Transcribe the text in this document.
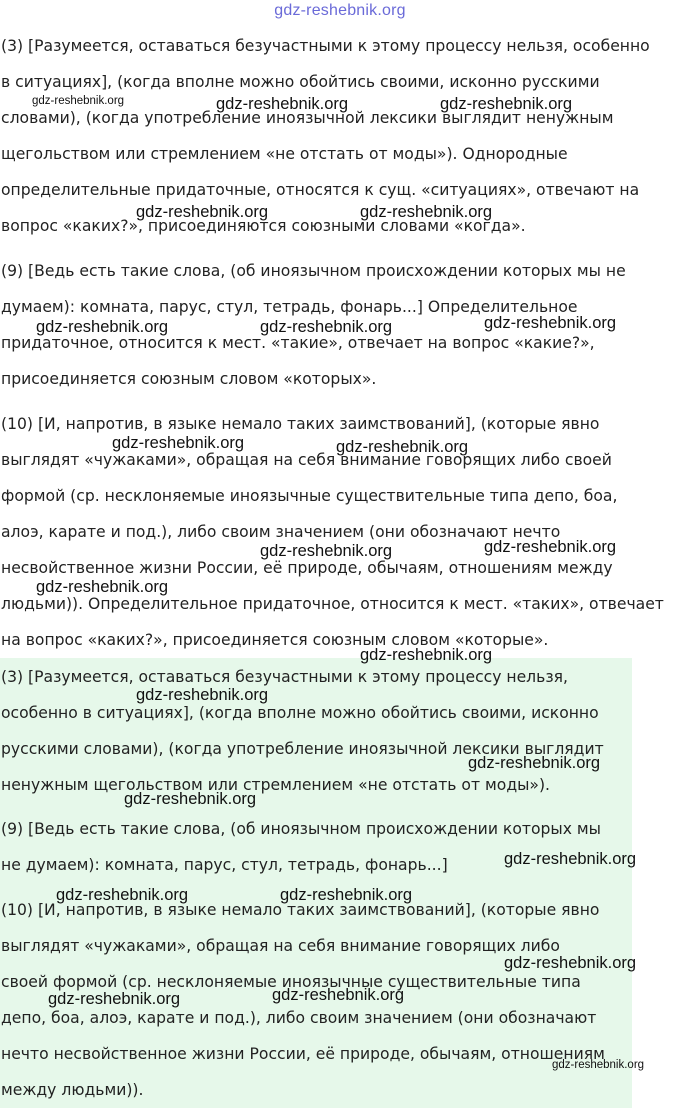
gdz-reshebnik.org
(3) [Разумеется, оставаться безучастными к этому процессу нельзя, особенно
в ситуациях], (когда вполне можно обойтись своими, исконно русскими
словами), (когда употребление иноязычной лексики выглядит ненужным
щегольством или стремлением «не отстать от моды»). Однородные
определительные придаточные, относятся к сущ. «ситуациях», отвечают на
вопрос «каких?», присоединяются союзными словами «когда».
(9) [Ведь есть такие слова, (об иноязычном происхождении которых мы не
думаем): комната, парус, стул, тетрадь, фонарь...] Определительное
придаточное, относится к мест. «такие», отвечает на вопрос «какие?»,
присоединяется союзным словом «которых».
(10) [И, напротив, в языке немало таких заимствований], (которые явно
выглядят «чужаками», обращая на себя внимание говорящих либо своей
формой (ср. несклоняемые иноязычные существительные типа депо, боа,
алоэ, карате и под.), либо своим значением (они обозначают нечто
несвойственное жизни России, её природе, обычаям, отношениям между
людьми)). Определительное придаточное, относится к мест. «таких», отвечает
на вопрос «каких?», присоединяется союзным словом «которые».
(3) [Разумеется, оставаться безучастными к этому процессу нельзя,
особенно в ситуациях], (когда вполне можно обойтись своими, исконно
русскими словами), (когда употребление иноязычной лексики выглядит
ненужным щегольством или стремлением «не отстать от моды»).
(9) [Ведь есть такие слова, (об иноязычном происхождении которых мы
не думаем): комната, парус, стул, тетрадь, фонарь...]
(10) [И, напротив, в языке немало таких заимствований], (которые явно
выглядят «чужаками», обращая на себя внимание говорящих либо
своей формой (ср. несклоняемые иноязычные существительные типа
депо, боа, алоэ, карате и под.), либо своим значением (они обозначают
нечто несвойственное жизни России, её природе, обычаям, отношениям
между людьми)).
gdz-reshebnik.org	gdz-reshebnik.org	gdz-reshebnik.org
gdz-reshebnik.org	gdz-reshebnik.org
gdz-reshebnik.org	gdz-reshebnik.org	gdz-reshebnik.org
gdz-reshebnik.org	gdz-reshebnik.org
gdz-reshebnik.org	gdz-reshebnik.org
gdz-reshebnik.org
gdz-reshebnik.org
gdz-reshebnik.org
gdz-reshebnik.org
gdz-reshebnik.org
gdz-reshebnik.org
gdz-reshebnik.org	gdz-reshebnik.org
gdz-reshebnik.org
gdz-reshebnik.org	gdz-reshebnik.org
gdz-reshebnik.org
